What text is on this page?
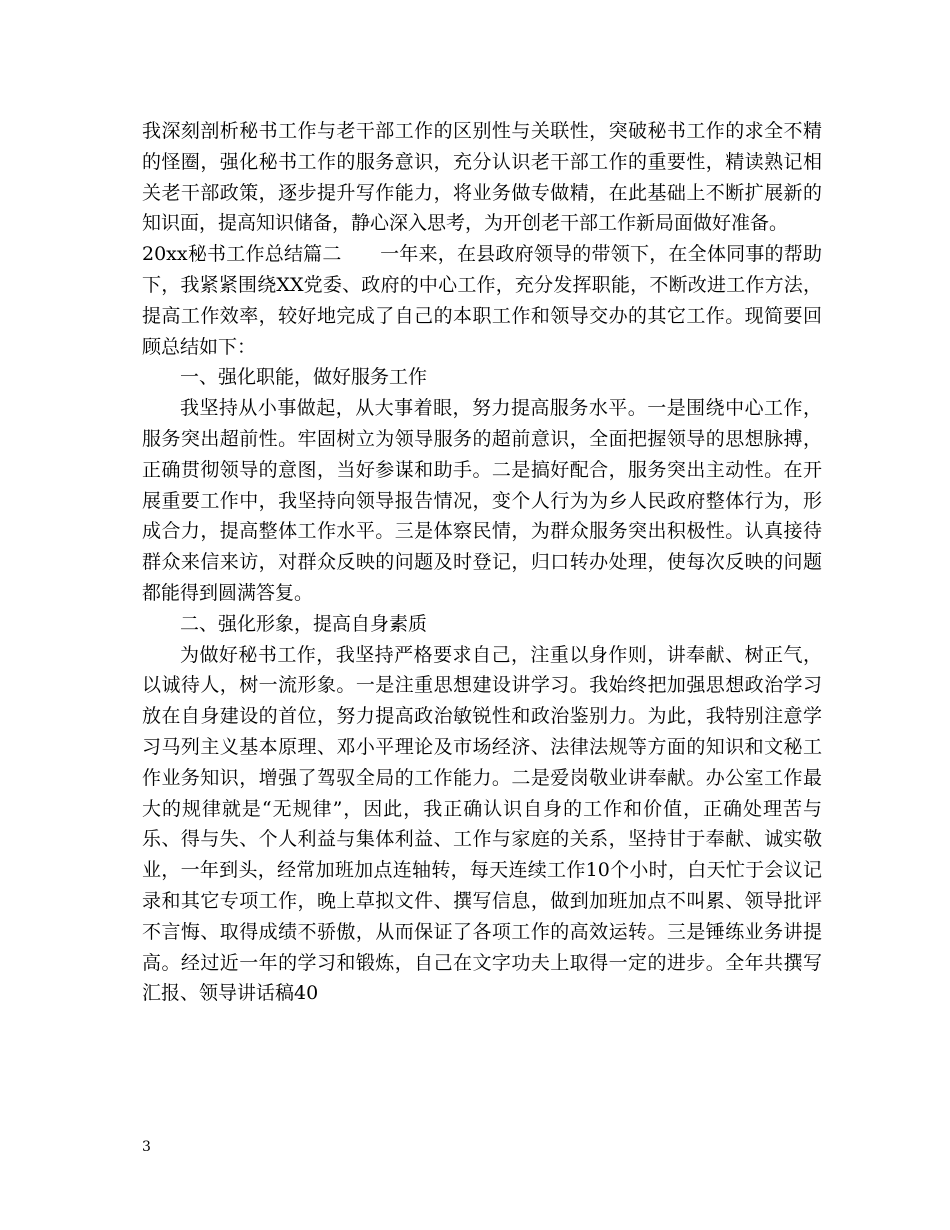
我深刻剖析秘书工作与老干部工作的区别性与关联性，突破秘书工作的求全不精的怪圈，强化秘书工作的服务意识，充分认识老干部工作的重要性，精读熟记相关老干部政策，逐步提升写作能力，将业务做专做精，在此基础上不断扩展新的知识面，提高知识储备，静心深入思考，为开创老干部工作新局面做好准备。

20xx秘书工作总结篇二　　一年来，在县政府领导的带领下，在全体同事的帮助下，我紧紧围绕XX党委、政府的中心工作，充分发挥职能，不断改进工作方法，提高工作效率，较好地完成了自己的本职工作和领导交办的其它工作。现简要回顾总结如下：

一、强化职能，做好服务工作

我坚持从小事做起，从大事着眼，努力提高服务水平。一是围绕中心工作，服务突出超前性。牢固树立为领导服务的超前意识，全面把握领导的思想脉搏，正确贯彻领导的意图，当好参谋和助手。二是搞好配合，服务突出主动性。在开展重要工作中，我坚持向领导报告情况，变个人行为为乡人民政府整体行为，形成合力，提高整体工作水平。三是体察民情，为群众服务突出积极性。认真接待群众来信来访，对群众反映的问题及时登记，归口转办处理，使每次反映的问题都能得到圆满答复。

二、强化形象，提高自身素质

为做好秘书工作，我坚持严格要求自己，注重以身作则，讲奉献、树正气，以诚待人，树一流形象。一是注重思想建设讲学习。我始终把加强思想政治学习放在自身建设的首位，努力提高政治敏锐性和政治鉴别力。为此，我特别注意学习马列主义基本原理、邓小平理论及市场经济、法律法规等方面的知识和文秘工作业务知识，增强了驾驭全局的工作能力。二是爱岗敬业讲奉献。办公室工作最大的规律就是“无规律”，因此，我正确认识自身的工作和价值，正确处理苦与乐、得与失、个人利益与集体利益、工作与家庭的关系，坚持甘于奉献、诚实敬业，一年到头，经常加班加点连轴转，每天连续工作10个小时，白天忙于会议记录和其它专项工作，晚上草拟文件、撰写信息，做到加班加点不叫累、领导批评不言悔、取得成绩不骄傲，从而保证了各项工作的高效运转。三是锤练业务讲提高。经过近一年的学习和锻炼，自己在文字功夫上取得一定的进步。全年共撰写汇报、领导讲话稿40

3
